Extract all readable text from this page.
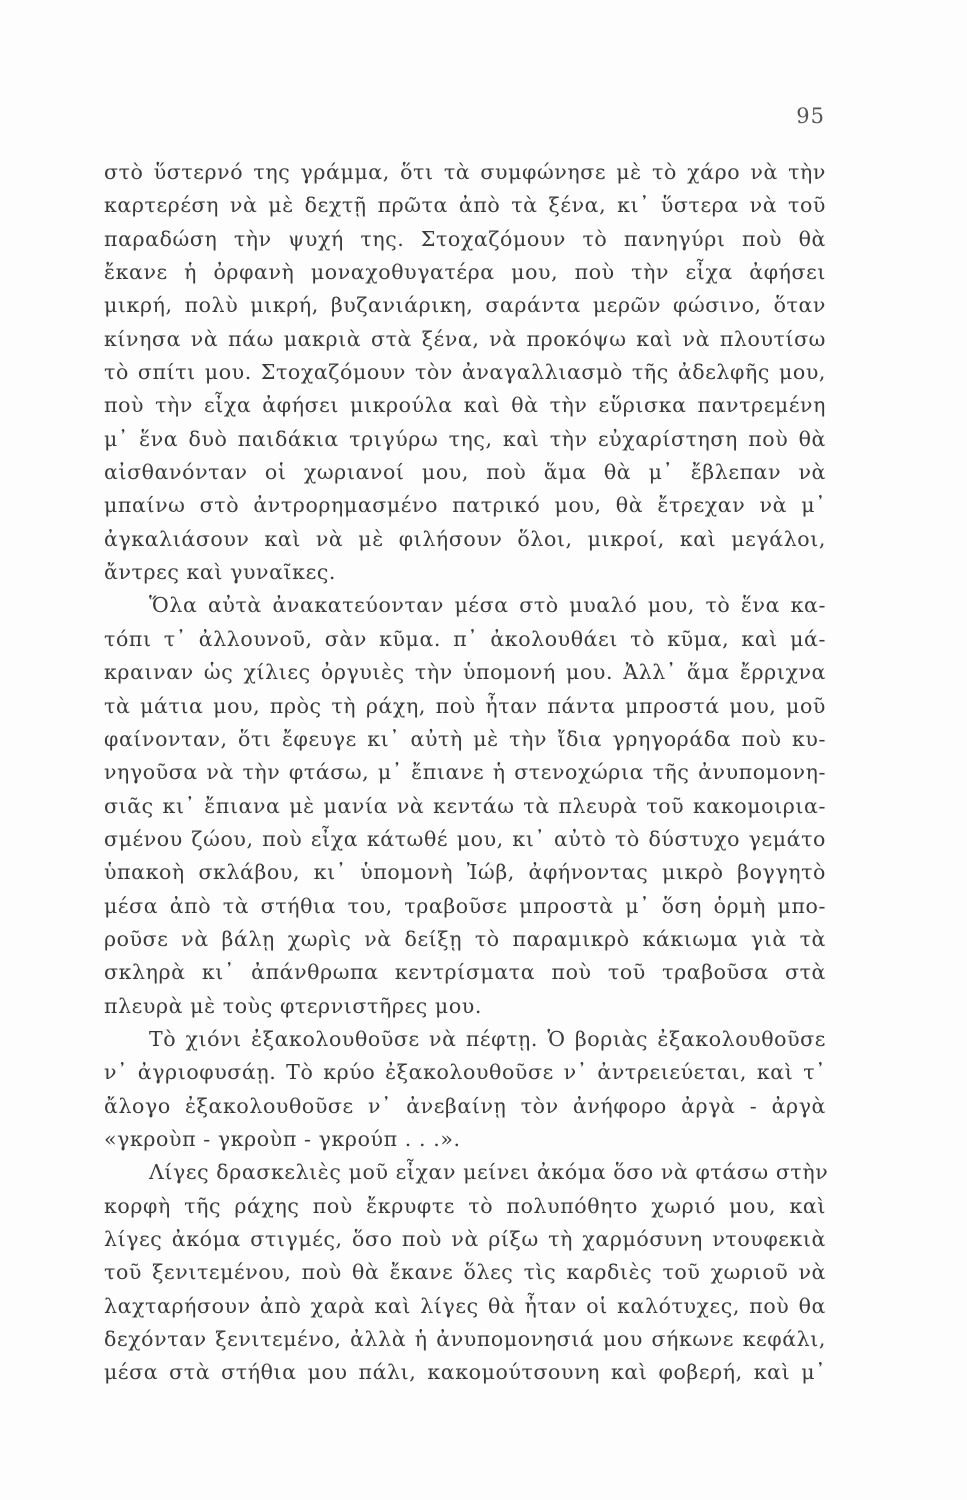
95
στὸ ὕστερνό της γράμμα, ὅτι τὰ συμφώνησε μὲ τὸ χάρο νὰ τὴν
καρτερέση νὰ μὲ δεχτῇ πρῶτα ἀπὸ τὰ ξένα, κι᾽ ὕστερα νὰ τοῦ
παραδώση τὴν ψυχή της. Στοχαζόμουν τὸ πανηγύρι ποὺ θὰ
ἔκανε ἡ ὀρφανὴ μοναχοθυγατέρα μου, ποὺ τὴν εἶχα ἀφήσει
μικρή, πολὺ μικρή, βυζανιάρικη, σαράντα μερῶν φώσινο, ὅταν
κίνησα νὰ πάω μακριὰ στὰ ξένα, νὰ προκόψω καὶ νὰ πλουτίσω
τὸ σπίτι μου. Στοχαζόμουν τὸν ἀναγαλλιασμὸ τῆς ἀδελφῆς μου,
ποὺ τὴν εἶχα ἀφήσει μικρούλα καὶ θὰ τὴν εὕρισκα παντρεμένη
μ᾽ ἕνα δυὸ παιδάκια τριγύρω της, καὶ τὴν εὐχαρίστηση ποὺ θὰ
αἰσθανόνταν οἱ χωριανοί μου, ποὺ ἅμα θὰ μ᾽ ἔβλεπαν νὰ
μπαίνω στὸ ἀντρορημασμένο πατρικό μου, θὰ ἔτρεχαν νὰ μ᾽
ἀγκαλιάσουν καὶ νὰ μὲ φιλήσουν ὅλοι, μικροί, καὶ μεγάλοι,
ἄντρες καὶ γυναῖκες.
Ὅλα αὐτὰ ἀνακατεύονταν μέσα στὸ μυαλό μου, τὸ ἕνα κα-
τόπι τ᾽ ἀλλουνοῦ, σὰν κῦμα. π᾽ ἀκολουθάει τὸ κῦμα, καὶ μά-
κραιναν ὡς χίλιες ὀργυιὲς τὴν ὑπομονή μου. Ἀλλ᾽ ἅμα ἔρριχνα
τὰ μάτια μου, πρὸς τὴ ράχη, ποὺ ἦταν πάντα μπροστά μου, μοῦ
φαίνονταν, ὅτι ἔφευγε κι᾽ αὐτὴ μὲ τὴν ἴδια γρηγοράδα ποὺ κυ-
νηγοῦσα νὰ τὴν φτάσω, μ᾽ ἔπιανε ἡ στενοχώρια τῆς ἀνυπομονη-
σιᾶς κι᾽ ἔπιανα μὲ μανία νὰ κεντάω τὰ πλευρὰ τοῦ κακομοιρια-
σμένου ζώου, ποὺ εἶχα κάτωθέ μου, κι᾽ αὐτὸ τὸ δύστυχο γεμάτο
ὑπακοὴ σκλάβου, κι᾽ ὑπομονὴ Ἰώβ, ἀφήνοντας μικρὸ βογγητὸ
μέσα ἀπὸ τὰ στήθια του, τραβοῦσε μπροστὰ μ᾽ ὅση ὁρμὴ μπο-
ροῦσε νὰ βάλῃ χωρὶς νὰ δείξῃ τὸ παραμικρὸ κάκιωμα γιὰ τὰ
σκληρὰ κι᾽ ἀπάνθρωπα κεντρίσματα ποὺ τοῦ τραβοῦσα στὰ
πλευρὰ μὲ τοὺς φτερνιστῆρες μου.
Τὸ χιόνι ἐξακολουθοῦσε νὰ πέφτῃ. Ὁ βοριὰς ἐξακολουθοῦσε
ν᾽ ἀγριοφυσάῃ. Τὸ κρύο ἐξακολουθοῦσε ν᾽ ἀντρειεύεται, καὶ τ᾽
ἄλογο ἐξακολουθοῦσε ν᾽ ἀνεβαίνῃ τὸν ἀνήφορο ἀργὰ - ἀργὰ
«γκροὺπ - γκροὺπ - γκρούπ . . .».
Λίγες δρασκελιὲς μοῦ εἶχαν μείνει ἀκόμα ὅσο νὰ φτάσω στὴν
κορφὴ τῆς ράχης ποὺ ἔκρυφτε τὸ πολυπόθητο χωριό μου, καὶ
λίγες ἀκόμα στιγμές, ὅσο ποὺ νὰ ρίξω τὴ χαρμόσυνη ντουφεκιὰ
τοῦ ξενιτεμένου, ποὺ θὰ ἔκανε ὅλες τὶς καρδιὲς τοῦ χωριοῦ νὰ
λαχταρήσουν ἀπὸ χαρὰ καὶ λίγες θὰ ἦταν οἱ καλότυχες, ποὺ θα
δεχόνταν ξενιτεμένο, ἀλλὰ ἡ ἀνυπομονησιά μου σήκωνε κεφάλι,
μέσα στὰ στήθια μου πάλι, κακομούτσουνη καὶ φοβερή, καὶ μ᾽
